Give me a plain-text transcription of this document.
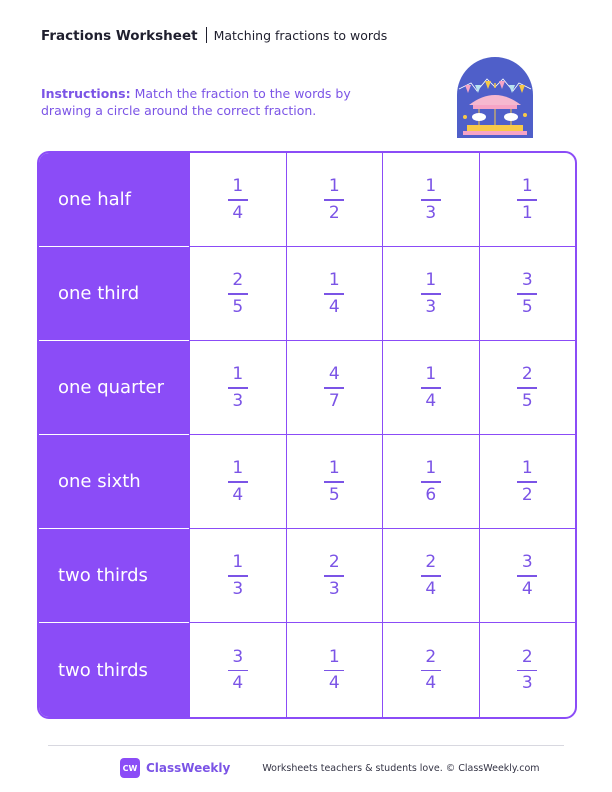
Fractions Worksheet Matching fractions to words
Instructions: Match the fraction to the words by drawing a circle around the correct fraction.
one half	$\frac{1}{4}$	$\frac{1}{2}$	$\frac{1}{3}$	$\frac{1}{1}$
one third	$\frac{2}{5}$	$\frac{1}{4}$	$\frac{1}{3}$	$\frac{3}{5}$
one quarter	$\frac{1}{3}$	$\frac{4}{7}$	$\frac{1}{4}$	$\frac{2}{5}$
one sixth	$\frac{1}{4}$	$\frac{1}{5}$	$\frac{1}{6}$	$\frac{1}{2}$
two thirds	$\frac{1}{3}$	$\frac{2}{3}$	$\frac{2}{4}$	$\frac{3}{4}$
two thirds	$\frac{3}{4}$	$\frac{1}{4}$	$\frac{2}{4}$	$\frac{2}{3}$
CW ClassWeekly	Worksheets teachers & students love. © ClassWeekly.com
